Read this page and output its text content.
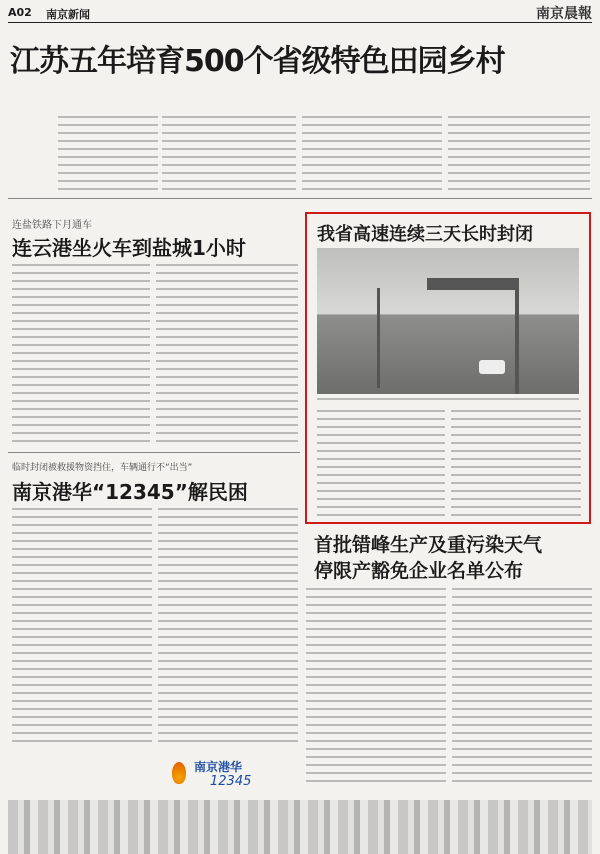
A02 南京新闻	南京晨報
江苏五年培育500个省级特色田园乡村
连盐铁路下月通车
连云港坐火车到盐城1小时
我省高速连续三天长时封闭
临时封闭被救援物资挡住，车辆通行不“出当”
南京港华“12345”解民困
南京港华
12345
首批错峰生产及重污染天气
停限产豁免企业名单公布
